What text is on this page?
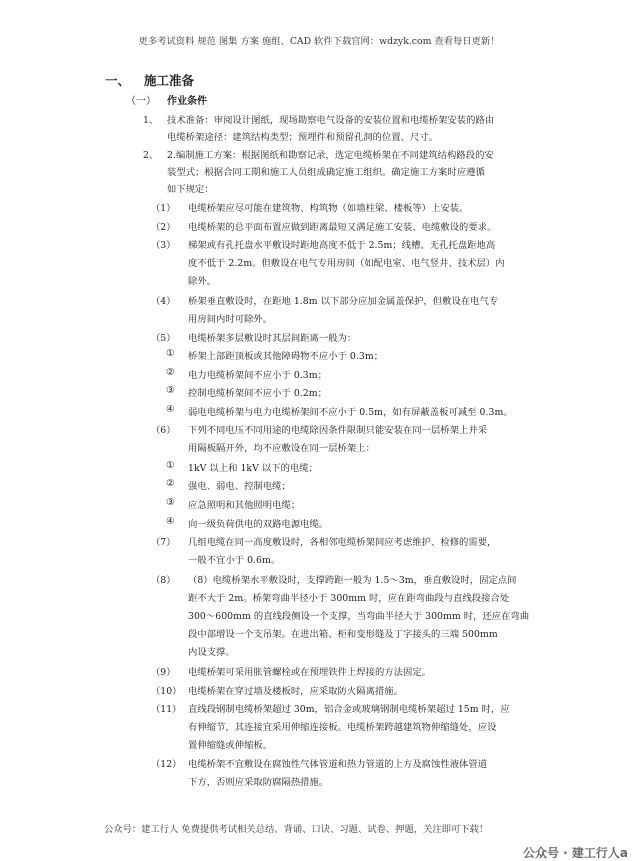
更多考试资料 规范 图集 方案 施组、CAD 软件下载官网：wdzyk.com 查看每日更新！
一、 施工准备
（一） 作业条件
1、 技术准备：审阅设计图纸，现场勘察电气设备的安装位置和电缆桥架安装的路由
电缆桥架途径：建筑结构类型；预埋件和预留孔洞的位置、尺寸。
2、 2.编制施工方案：根据图纸和勘察记录，选定电缆桥架在不同建筑结构路段的安
装型式；根据合同工期和施工人员组成确定施工组织。确定施工方案时应遵循
如下规定：
（1） 电缆桥架应尽可能在建筑物、构筑物（如墙柱梁、楼板等）上安装。
（2） 电缆桥架的总平面布置应做到距离最短又满足施工安装、电缆敷设的要求。
（3） 梯架或有孔托盘水平敷设时距地高度不低于 2.5m；线槽、无孔托盘距地高
度不低于 2.2m。但敷设在电气专用房间（如配电室、电气竖井、技术层）内
除外。
（4） 桥架垂直敷设时，在距地 1.8m 以下部分应加金属盖保护，但敷设在电气专
用房间内时可除外。
（5） 电缆桥架多层敷设时其层间距离一般为：
① 桥架上部距顶板或其他障碍物不应小于 0.3m；
② 电力电缆桥架间不应小于 0.3m；
③ 控制电缆桥架间不应小于 0.2m；
④ 弱电电缆桥架与电力电缆桥架间不应小于 0.5m，如有屏蔽盖板可减至 0.3m。
（6） 下列不同电压不同用途的电缆除因条件限制只能安装在同一层桥架上并采
用隔板隔开外，均不应敷设在同一层桥架上：
① 1kV 以上和 1kV 以下的电缆；
② 强电、弱电、控制电缆；
③ 应急照明和其他照明电缆；
④ 向一级负荷供电的双路电源电缆。
（7） 几组电缆在同一高度敷设时，各相邻电缆桥架间应考虑维护、检修的需要，
一般不宜小于 0.6m。
（8） （8）电缆桥架水平敷设时，支撑跨距一般为 1.5～3m，垂直敷设时，固定点间
距不大于 2m。桥架弯曲半径小于 300mm 时，应在距弯曲段与直线段接合处
300～600mm 的直线段侧设一个支撑，当弯曲半径大于 300mm 时，还应在弯曲
段中部增设一个支吊架。在进出箱、柜和变形缝及丁字接头的三端 500mm
内设支撑。
（9） 电缆桥架可采用胀管螺栓或在预埋铁件上焊接的方法固定。
（10） 电缆桥架在穿过墙及楼板时，应采取防火隔离措施。
（11） 直线段钢制电缆桥架超过 30m，铝合金或玻璃钢制电缆桥架超过 15m 时，应
有伸缩节，其连接宜采用伸缩连接板。电缆桥架跨越建筑物伸缩缝处，应设
置伸缩缝或伸缩板。
（12） 电缆桥架不宜敷设在腐蚀性气体管道和热力管道的上方及腐蚀性液体管道
下方，否则应采取防腐隔热措施。
公众号：建工行人 免费提供考试相关总结、背诵、口诀、习题、试卷、押题，关注即可下载！
公众号 · 建工行人a
